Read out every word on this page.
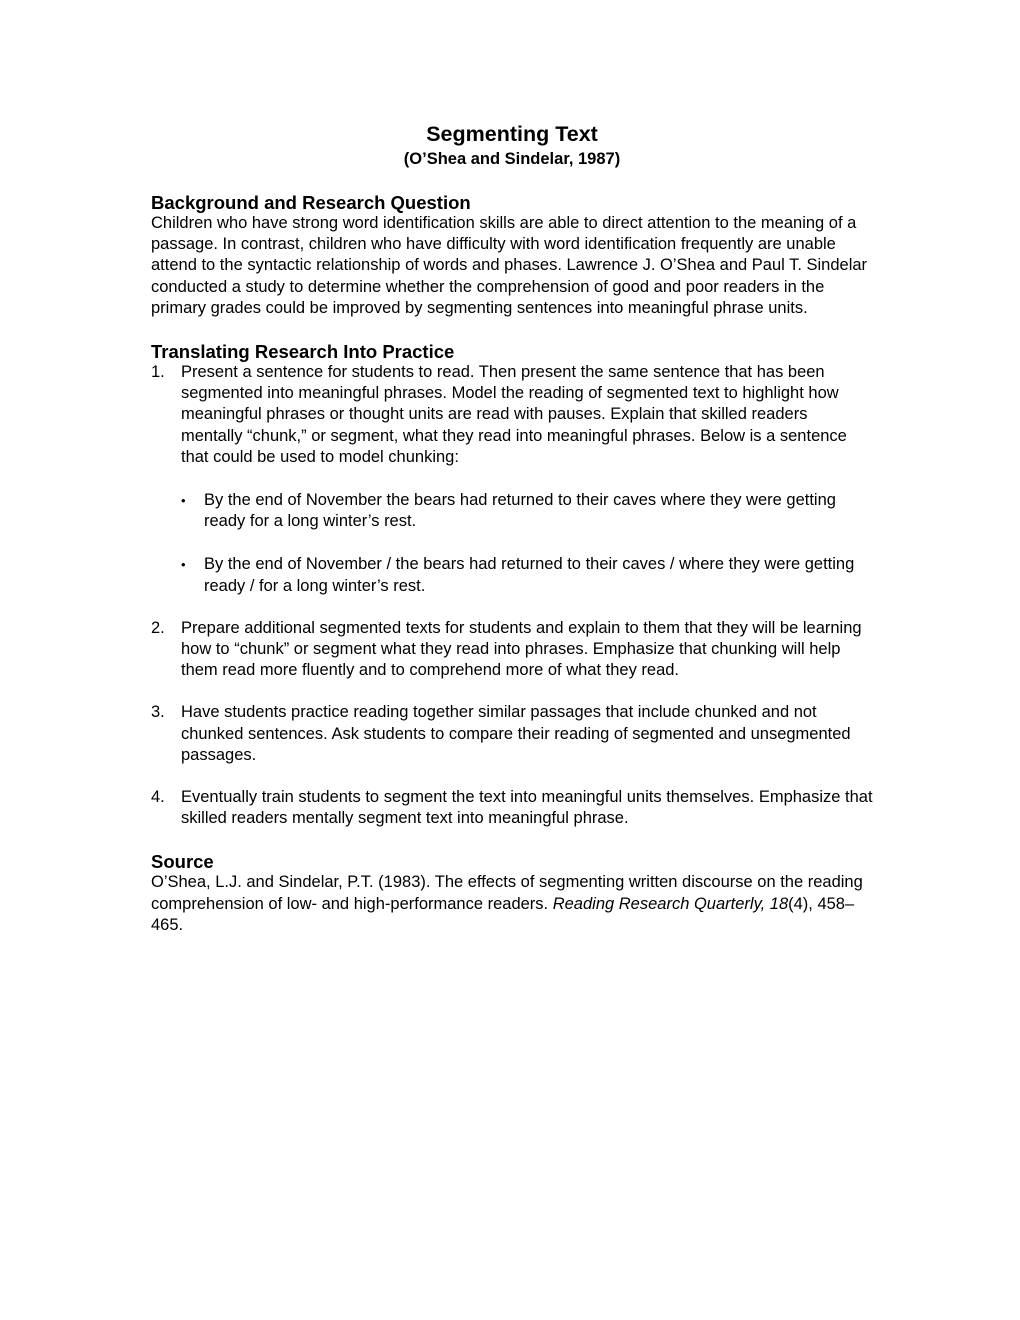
Segmenting Text
(O’Shea and Sindelar, 1987)
Background and Research Question

Children who have strong word identification skills are able to direct attention to the meaning of a passage. In contrast, children who have difficulty with word identification frequently are unable attend to the syntactic relationship of words and phases. Lawrence J. O’Shea and Paul T. Sindelar conducted a study to determine whether the comprehension of good and poor readers in the primary grades could be improved by segmenting sentences into meaningful phrase units.

Translating Research Into Practice
1. Present a sentence for students to read. Then present the same sentence that has been segmented into meaningful phrases. Model the reading of segmented text to highlight how meaningful phrases or thought units are read with pauses. Explain that skilled readers mentally “chunk,” or segment, what they read into meaningful phrases. Below is a sentence that could be used to model chunking:
• By the end of November the bears had returned to their caves where they were getting ready for a long winter’s rest.
• By the end of November / the bears had returned to their caves / where they were getting ready / for a long winter’s rest.
2. Prepare additional segmented texts for students and explain to them that they will be learning how to “chunk” or segment what they read into phrases. Emphasize that chunking will help them read more fluently and to comprehend more of what they read.
3. Have students practice reading together similar passages that include chunked and not chunked sentences. Ask students to compare their reading of segmented and unsegmented passages.
4. Eventually train students to segment the text into meaningful units themselves. Emphasize that skilled readers mentally segment text into meaningful phrase.
Source

O’Shea, L.J. and Sindelar, P.T. (1983). The effects of segmenting written discourse on the reading comprehension of low- and high-performance readers. Reading Research Quarterly, 18(4), 458–465.
